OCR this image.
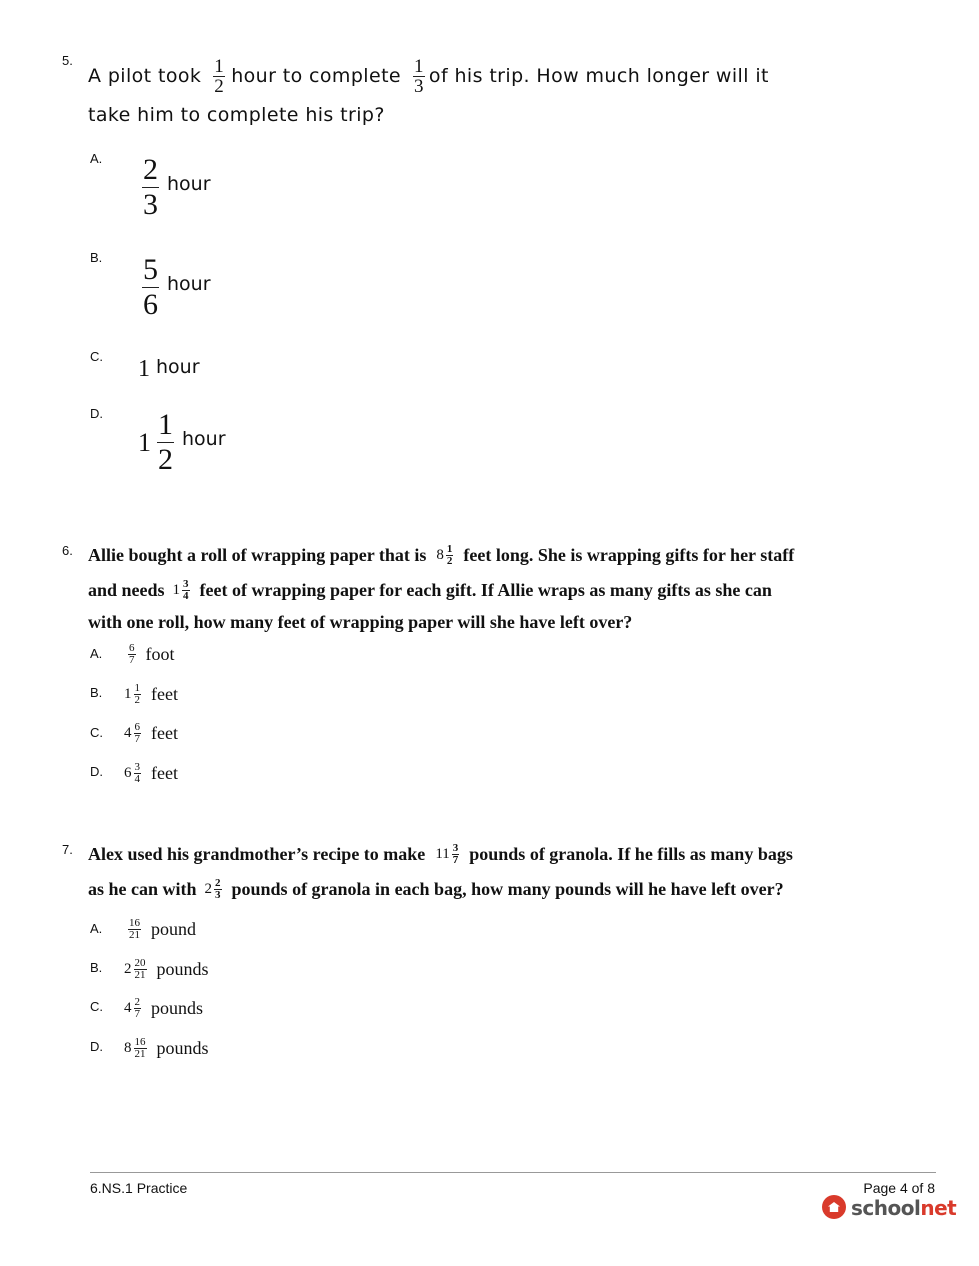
5.
A pilot took $\frac{1}{2}$ hour to complete $\frac{1}{3}$ of his trip. How much longer will it
take him to complete his trip?
A. $\frac{2}{3}$ hour
B. $\frac{5}{6}$ hour
C. 1 hour
D.
$1 \frac{1}{2}$ hour
6. Allie bought a roll of wrapping paper that is $8 \frac{1}{2}$ feet long. She is wrapping gifts for her staff
and needs $1 \frac{3}{4}$ feet of wrapping paper for each gift. If Allie wraps as many gifts as she can
with one roll, how many feet of wrapping paper will she have left over?
A. $\frac{6}{7}$ foot
B. $1 \frac{1}{2}$ feet
C. $4 \frac{6}{7}$ feet
D. $6 \frac{3}{4}$ feet
7. Alex used his grandmother’s recipe to make $11 \frac{3}{7}$ pounds of granola. If he fills as many bags
as he can with $2 \frac{2}{3}$ pounds of granola in each bag, how many pounds will he have left over?
A. $\frac{16}{21}$ pound
B. $2 \frac{20}{21}$ pounds
C. $4 \frac{2}{7}$ pounds
D. $8 \frac{16}{21}$ pounds
6.NS.1 Practice	Page 4 of 8
schoolnet
